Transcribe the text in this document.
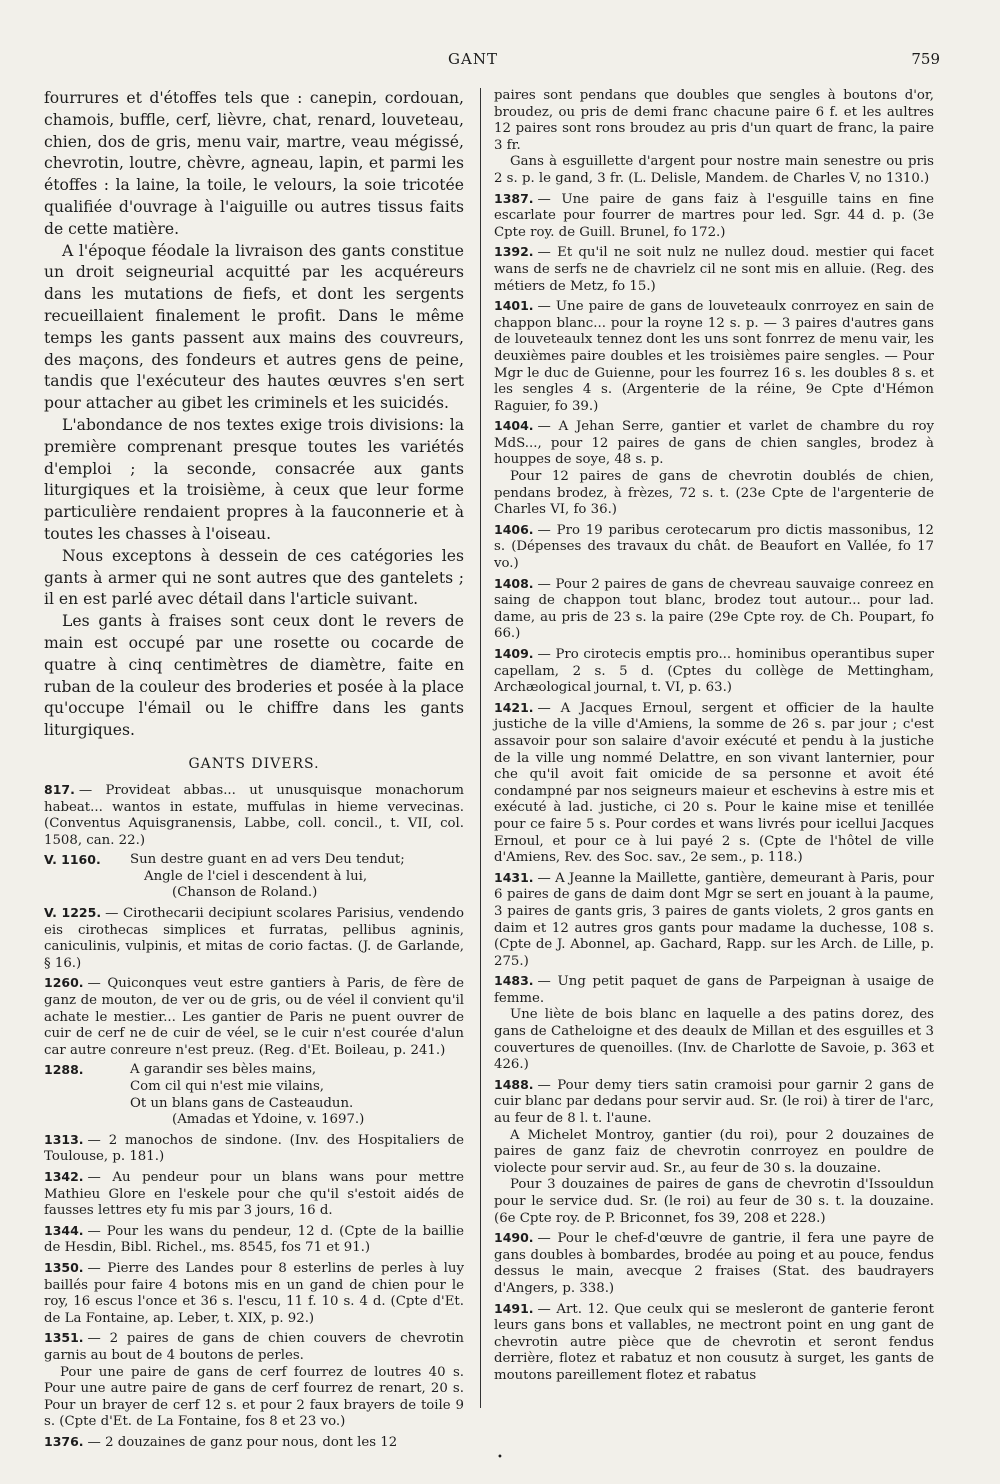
GANT	759

fourrures et d'étoffes tels que : canepin, cordouan, chamois, buffle, cerf, lièvre, chat, renard, louveteau, chien, dos de gris, menu vair, martre, veau mégissé, chevrotin, loutre, chèvre, agneau, lapin, et parmi les étoffes : la laine, la toile, le velours, la soie tricotée qualifiée d'ouvrage à l'aiguille ou autres tissus faits de cette matière.

A l'époque féodale la livraison des gants constitue un droit seigneurial acquitté par les acquéreurs dans les mutations de fiefs, et dont les sergents recueillaient finalement le profit. Dans le même temps les gants passent aux mains des couvreurs, des maçons, des fondeurs et autres gens de peine, tandis que l'exécuteur des hautes œuvres s'en sert pour attacher au gibet les criminels et les suicidés.

L'abondance de nos textes exige trois divisions: la première comprenant presque toutes les variétés d'emploi ; la seconde, consacrée aux gants liturgiques et la troisième, à ceux que leur forme particulière rendaient propres à la fauconnerie et à toutes les chasses à l'oiseau.

Nous exceptons à dessein de ces catégories les gants à armer qui ne sont autres que des gantelets ; il en est parlé avec détail dans l'article suivant.

Les gants à fraises sont ceux dont le revers de main est occupé par une rosette ou cocarde de quatre à cinq centimètres de diamètre, faite en ruban de la couleur des broderies et posée à la place qu'occupe l'émail ou le chiffre dans les gants liturgiques.

GANTS DIVERS.
817. — Provideat abbas... ut unusquisque monachorum habeat... wantos in estate, muffulas in hieme vervecinas. (Conventus Aquisgranensis, Labbe, coll. concil., t. VII, col. 1508, can. 22.)
V. 1160.	Sun destre guant en ad vers Deu tendut;
Angle de l'ciel i descendent à lui,
(Chanson de Roland.)
V. 1225. — Cirothecarii decipiunt scolares Parisius, vendendo eis cirothecas simplices et furratas, pellibus agninis, caniculinis, vulpinis, et mitas de corio factas. (J. de Garlande, § 16.)
1260. — Quiconques veut estre gantiers à Paris, de fère de ganz de mouton, de ver ou de gris, ou de véel il convient qu'il achate le mestier... Les gantier de Paris ne puent ouvrer de cuir de cerf ne de cuir de véel, se le cuir n'est courée d'alun car autre conreure n'est preuz. (Reg. d'Et. Boileau, p. 241.)
1288.	A garandir ses bèles mains,
Com cil qui n'est mie vilains,
Ot un blans gans de Casteaudun.
(Amadas et Ydoine, v. 1697.)
1313. — 2 manochos de sindone. (Inv. des Hospitaliers de Toulouse, p. 181.)
1342. — Au pendeur pour un blans wans pour mettre Mathieu Glore en l'eskele pour che qu'il s'estoit aidés de fausses lettres ety fu mis par 3 jours, 16 d.
1344. — Pour les wans du pendeur, 12 d. (Cpte de la baillie de Hesdin, Bibl. Richel., ms. 8545, fos 71 et 91.)
1350. — Pierre des Landes pour 8 esterlins de perles à luy baillés pour faire 4 botons mis en un gand de chien pour le roy, 16 escus l'once et 36 s. l'escu, 11 f. 10 s. 4 d. (Cpte d'Et. de La Fontaine, ap. Leber, t. XIX, p. 92.)
1351. — 2 paires de gans de chien couvers de chevrotin garnis au bout de 4 boutons de perles.

Pour une paire de gans de cerf fourrez de loutres 40 s. Pour une autre paire de gans de cerf fourrez de renart, 20 s. Pour un brayer de cerf 12 s. et pour 2 faux brayers de toile 9 s. (Cpte d'Et. de La Fontaine, fos 8 et 23 vo.)

1376. — 2 douzaines de ganz pour nous, dont les 12
paires sont pendans que doubles que sengles à boutons d'or, broudez, ou pris de demi franc chacune paire 6 f. et les aultres 12 paires sont rons broudez au pris d'un quart de franc, la paire 3 fr.

Gans à esguillette d'argent pour nostre main senestre ou pris 2 s. p. le gand, 3 fr. (L. Delisle, Mandem. de Charles V, no 1310.)

1387. — Une paire de gans faiz à l'esguille tains en fine escarlate pour fourrer de martres pour led. Sgr. 44 d. p. (3e Cpte roy. de Guill. Brunel, fo 172.)
1392. — Et qu'il ne soit nulz ne nullez doud. mestier qui facet wans de serfs ne de chavrielz cil ne sont mis en alluie. (Reg. des métiers de Metz, fo 15.)
1401. — Une paire de gans de louveteaulx conrroyez en sain de chappon blanc... pour la royne 12 s. p. — 3 paires d'autres gans de louveteaulx tennez dont les uns sont fonrrez de menu vair, les deuxièmes paire doubles et les troisièmes paire sengles. — Pour Mgr le duc de Guienne, pour les fourrez 16 s. les doubles 8 s. et les sengles 4 s. (Argenterie de la réine, 9e Cpte d'Hémon Raguier, fo 39.)
1404. — A Jehan Serre, gantier et varlet de chambre du roy MdS..., pour 12 paires de gans de chien sangles, brodez à houppes de soye, 48 s. p.

Pour 12 paires de gans de chevrotin doublés de chien, pendans brodez, à frèzes, 72 s. t. (23e Cpte de l'argenterie de Charles VI, fo 36.)

1406. — Pro 19 paribus cerotecarum pro dictis massonibus, 12 s. (Dépenses des travaux du chât. de Beaufort en Vallée, fo 17 vo.)
1408. — Pour 2 paires de gans de chevreau sauvaige conreez en saing de chappon tout blanc, brodez tout autour... pour lad. dame, au pris de 23 s. la paire (29e Cpte roy. de Ch. Poupart, fo 66.)
1409. — Pro cirotecis emptis pro... hominibus operantibus super capellam, 2 s. 5 d. (Cptes du collège de Mettingham, Archæological journal, t. VI, p. 63.)
1421. — A Jacques Ernoul, sergent et officier de la haulte justiche de la ville d'Amiens, la somme de 26 s. par jour ; c'est assavoir pour son salaire d'avoir exécuté et pendu à la justiche de la ville ung nommé Delattre, en son vivant lanternier, pour che qu'il avoit fait omicide de sa personne et avoit été condampné par nos seigneurs maieur et eschevins à estre mis et exécuté à lad. justiche, ci 20 s. Pour le kaine mise et tenillée pour ce faire 5 s. Pour cordes et wans livrés pour icellui Jacques Ernoul, et pour ce à lui payé 2 s. (Cpte de l'hôtel de ville d'Amiens, Rev. des Soc. sav., 2e sem., p. 118.)
1431. — A Jeanne la Maillette, gantière, demeurant à Paris, pour 6 paires de gans de daim dont Mgr se sert en jouant à la paume, 3 paires de gants gris, 3 paires de gants violets, 2 gros gants en daim et 12 autres gros gants pour madame la duchesse, 108 s. (Cpte de J. Abonnel, ap. Gachard, Rapp. sur les Arch. de Lille, p. 275.)
1483. — Ung petit paquet de gans de Parpeignan à usaige de femme.

Une liète de bois blanc en laquelle a des patins dorez, des gans de Catheloigne et des deaulx de Millan et des esguilles et 3 couvertures de quenoilles. (Inv. de Charlotte de Savoie, p. 363 et 426.)

1488. — Pour demy tiers satin cramoisi pour garnir 2 gans de cuir blanc par dedans pour servir aud. Sr. (le roi) à tirer de l'arc, au feur de 8 l. t. l'aune.

A Michelet Montroy, gantier (du roi), pour 2 douzaines de paires de ganz faiz de chevrotin conrroyez en pouldre de violecte pour servir aud. Sr., au feur de 30 s. la douzaine.

Pour 3 douzaines de paires de gans de chevrotin d'Issouldun pour le service dud. Sr. (le roi) au feur de 30 s. t. la douzaine. (6e Cpte roy. de P. Briconnet, fos 39, 208 et 228.)

1490. — Pour le chef-d'œuvre de gantrie, il fera une payre de gans doubles à bombardes, brodée au poing et au pouce, fendus dessus le main, avecque 2 fraises (Stat. des baudrayers d'Angers, p. 338.)
1491. — Art. 12. Que ceulx qui se mesleront de ganterie feront leurs gans bons et vallables, ne mectront point en ung gant de chevrotin autre pièce que de chevrotin et seront fendus derrière, flotez et rabatuz et non cousutz à surget, les gants de moutons pareillement flotez et rabatus
•
